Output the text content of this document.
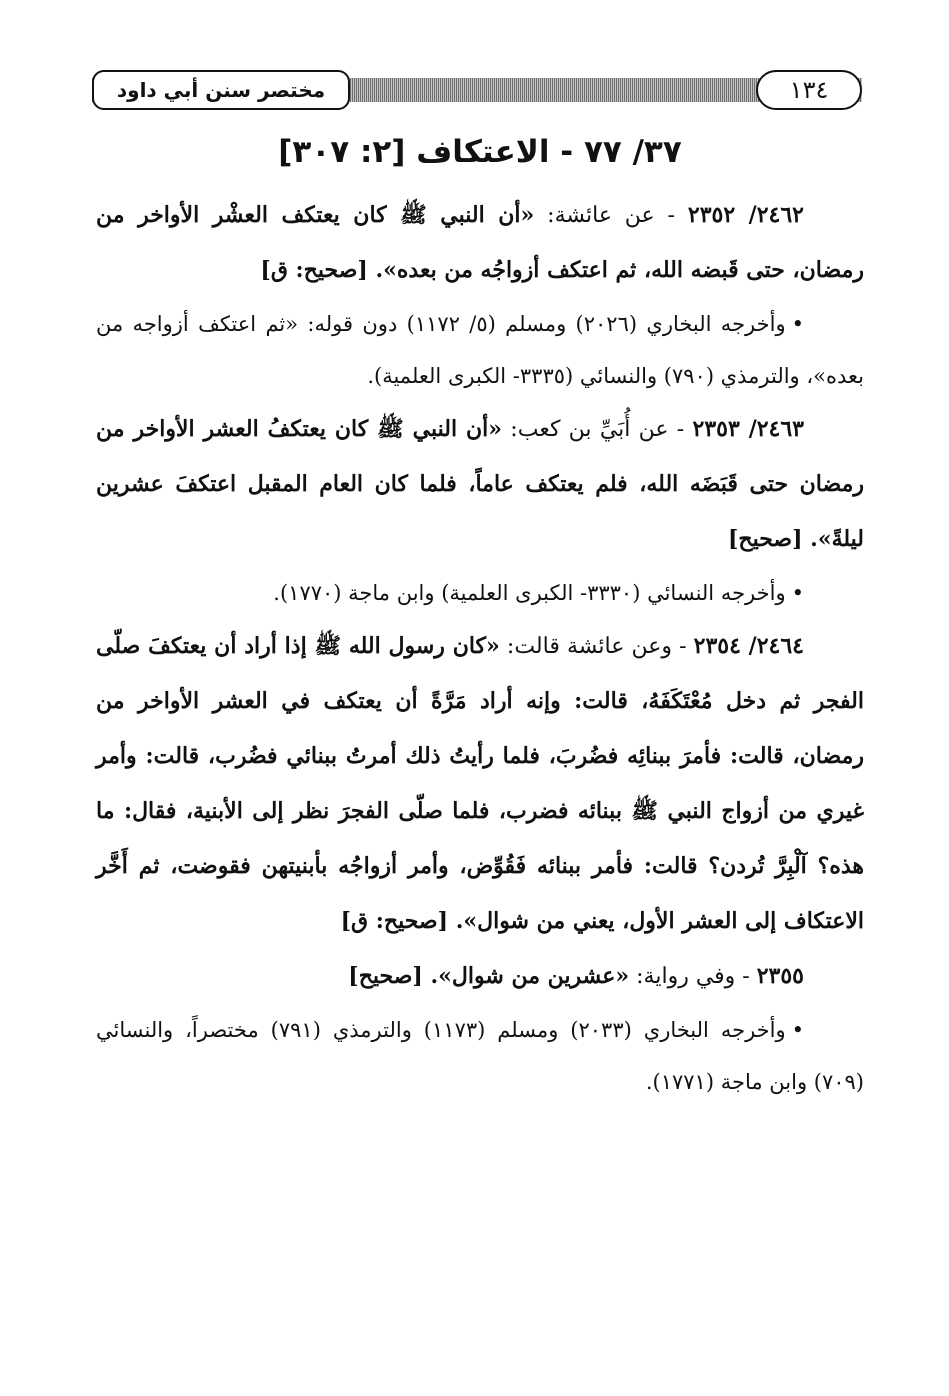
مختصر سنن أبي داود	١٣٤
٣٧/ ٧٧ - الاعتكاف [٢: ٣٠٧]

٢٤٦٢/ ٢٣٥٢ - عن عائشة: «أن النبي ﷺ كان يعتكف العشْر الأواخر من رمضان، حتى قَبضه الله، ثم اعتكف أزواجُه من بعده». [صحيح: ق]

•وأخرجه البخاري (٢٠٢٦) ومسلم (٥/ ١١٧٢) دون قوله: «ثم اعتكف أزواجه من بعده»، والترمذي (٧٩٠) والنسائي (٣٣٣٥- الكبرى العلمية).

٢٤٦٣/ ٢٣٥٣ - عن أُبَيِّ بن كعب: «أن النبي ﷺ كان يعتكفُ العشر الأواخر من رمضان حتى قَبَضَه الله، فلم يعتكف عاماً، فلما كان العام المقبل اعتكفَ عشرين ليلةً». [صحيح]

•وأخرجه النسائي (٣٣٣٠- الكبرى العلمية) وابن ماجة (١٧٧٠).

٢٤٦٤/ ٢٣٥٤ - وعن عائشة قالت: «كان رسول الله ﷺ إذا أراد أن يعتكفَ صلّى الفجر ثم دخل مُعْتَكَفَهُ، قالت: وإنه أراد مَرَّةً أن يعتكف في العشر الأواخر من رمضان، قالت: فأمرَ ببنائِه فضُربَ، فلما رأيتُ ذلك أمرتُ ببنائي فضُرب، قالت: وأمر غيري من أزواج النبي ﷺ ببنائه فضرب، فلما صلّى الفجرَ نظر إلى الأبنية، فقال: ما هذه؟ آلْبِرَّ تُردن؟ قالت: فأمر ببنائه فَقُوِّض، وأمر أزواجُه بأبنيتهن فقوضت، ثم أَخَّر الاعتكاف إلى العشر الأول، يعني من شوال». [صحيح: ق]

٢٣٥٥ - وفي رواية: «عشرين من شوال». [صحيح]

•وأخرجه البخاري (٢٠٣٣) ومسلم (١١٧٣) والترمذي (٧٩١) مختصراً، والنسائي (٧٠٩) وابن ماجة (١٧٧١).
